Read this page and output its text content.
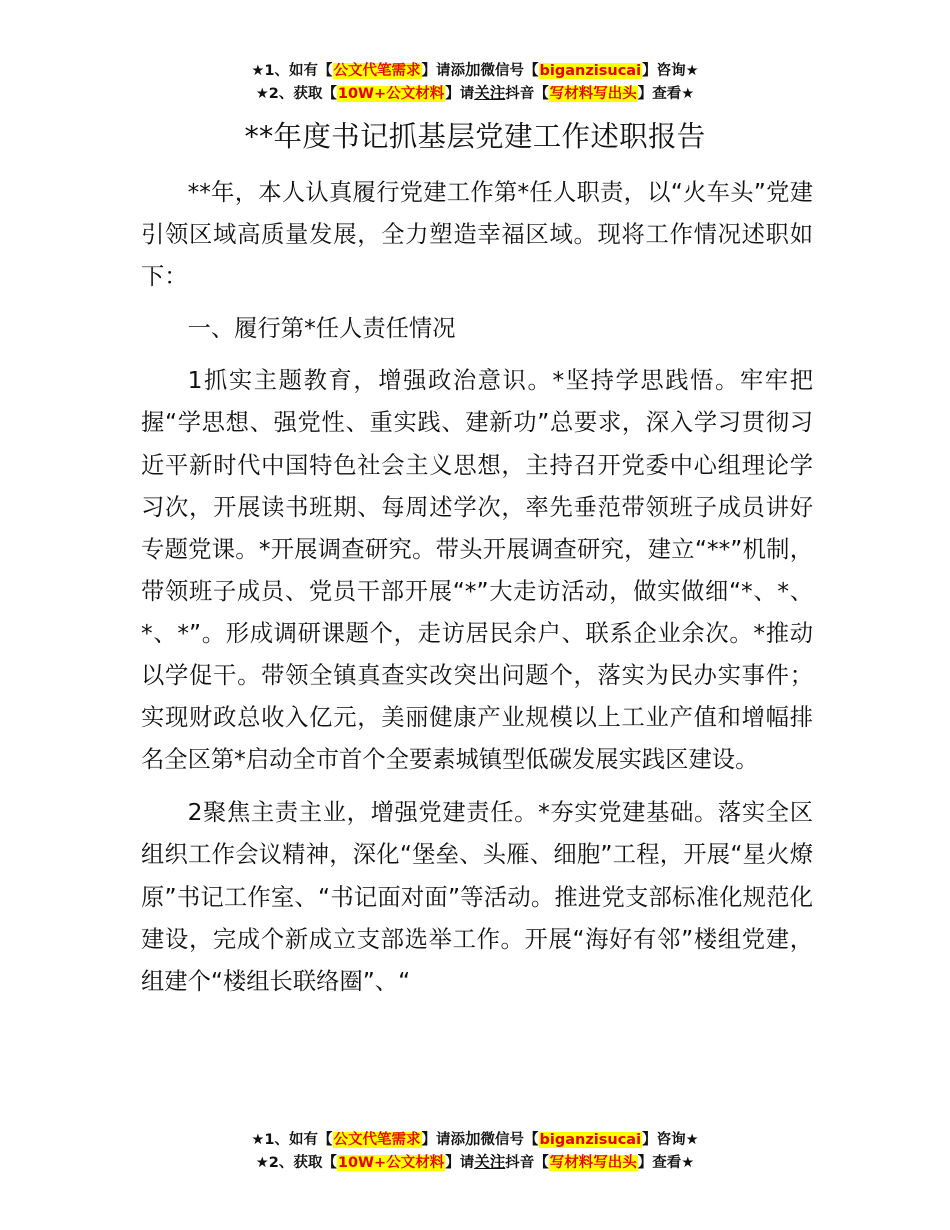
★1、如有【公文代笔需求】请添加微信号【biganzisucai】咨询★
★2、获取【10W+公文材料】请关注抖音【写材料写出头】查看★
**年度书记抓基层党建工作述职报告

**年，本人认真履行党建工作第*任人职责，以“火车头”党建引领区域高质量发展，全力塑造幸福区域。现将工作情况述职如下：

一、履行第*任人责任情况

1抓实主题教育，增强政治意识。*坚持学思践悟。牢牢把握“学思想、强党性、重实践、建新功”总要求，深入学习贯彻习近平新时代中国特色社会主义思想，主持召开党委中心组理论学习次，开展读书班期、每周述学次，率先垂范带领班子成员讲好专题党课。*开展调查研究。带头开展调查研究，建立“**”机制，带领班子成员、党员干部开展“*”大走访活动，做实做细“*、*、*、*”。形成调研课题个，走访居民余户、联系企业余次。*推动以学促干。带领全镇真查实改突出问题个，落实为民办实事件；实现财政总收入亿元，美丽健康产业规模以上工业产值和增幅排名全区第*启动全市首个全要素城镇型低碳发展实践区建设。

2聚焦主责主业，增强党建责任。*夯实党建基础。落实全区组织工作会议精神，深化“堡垒、头雁、细胞”工程，开展“星火燎原”书记工作室、“书记面对面”等活动。推进党支部标准化规范化建设，完成个新成立支部选举工作。开展“海好有邻”楼组党建，组建个“楼组长联络圈”、“

★1、如有【公文代笔需求】请添加微信号【biganzisucai】咨询★
★2、获取【10W+公文材料】请关注抖音【写材料写出头】查看★
